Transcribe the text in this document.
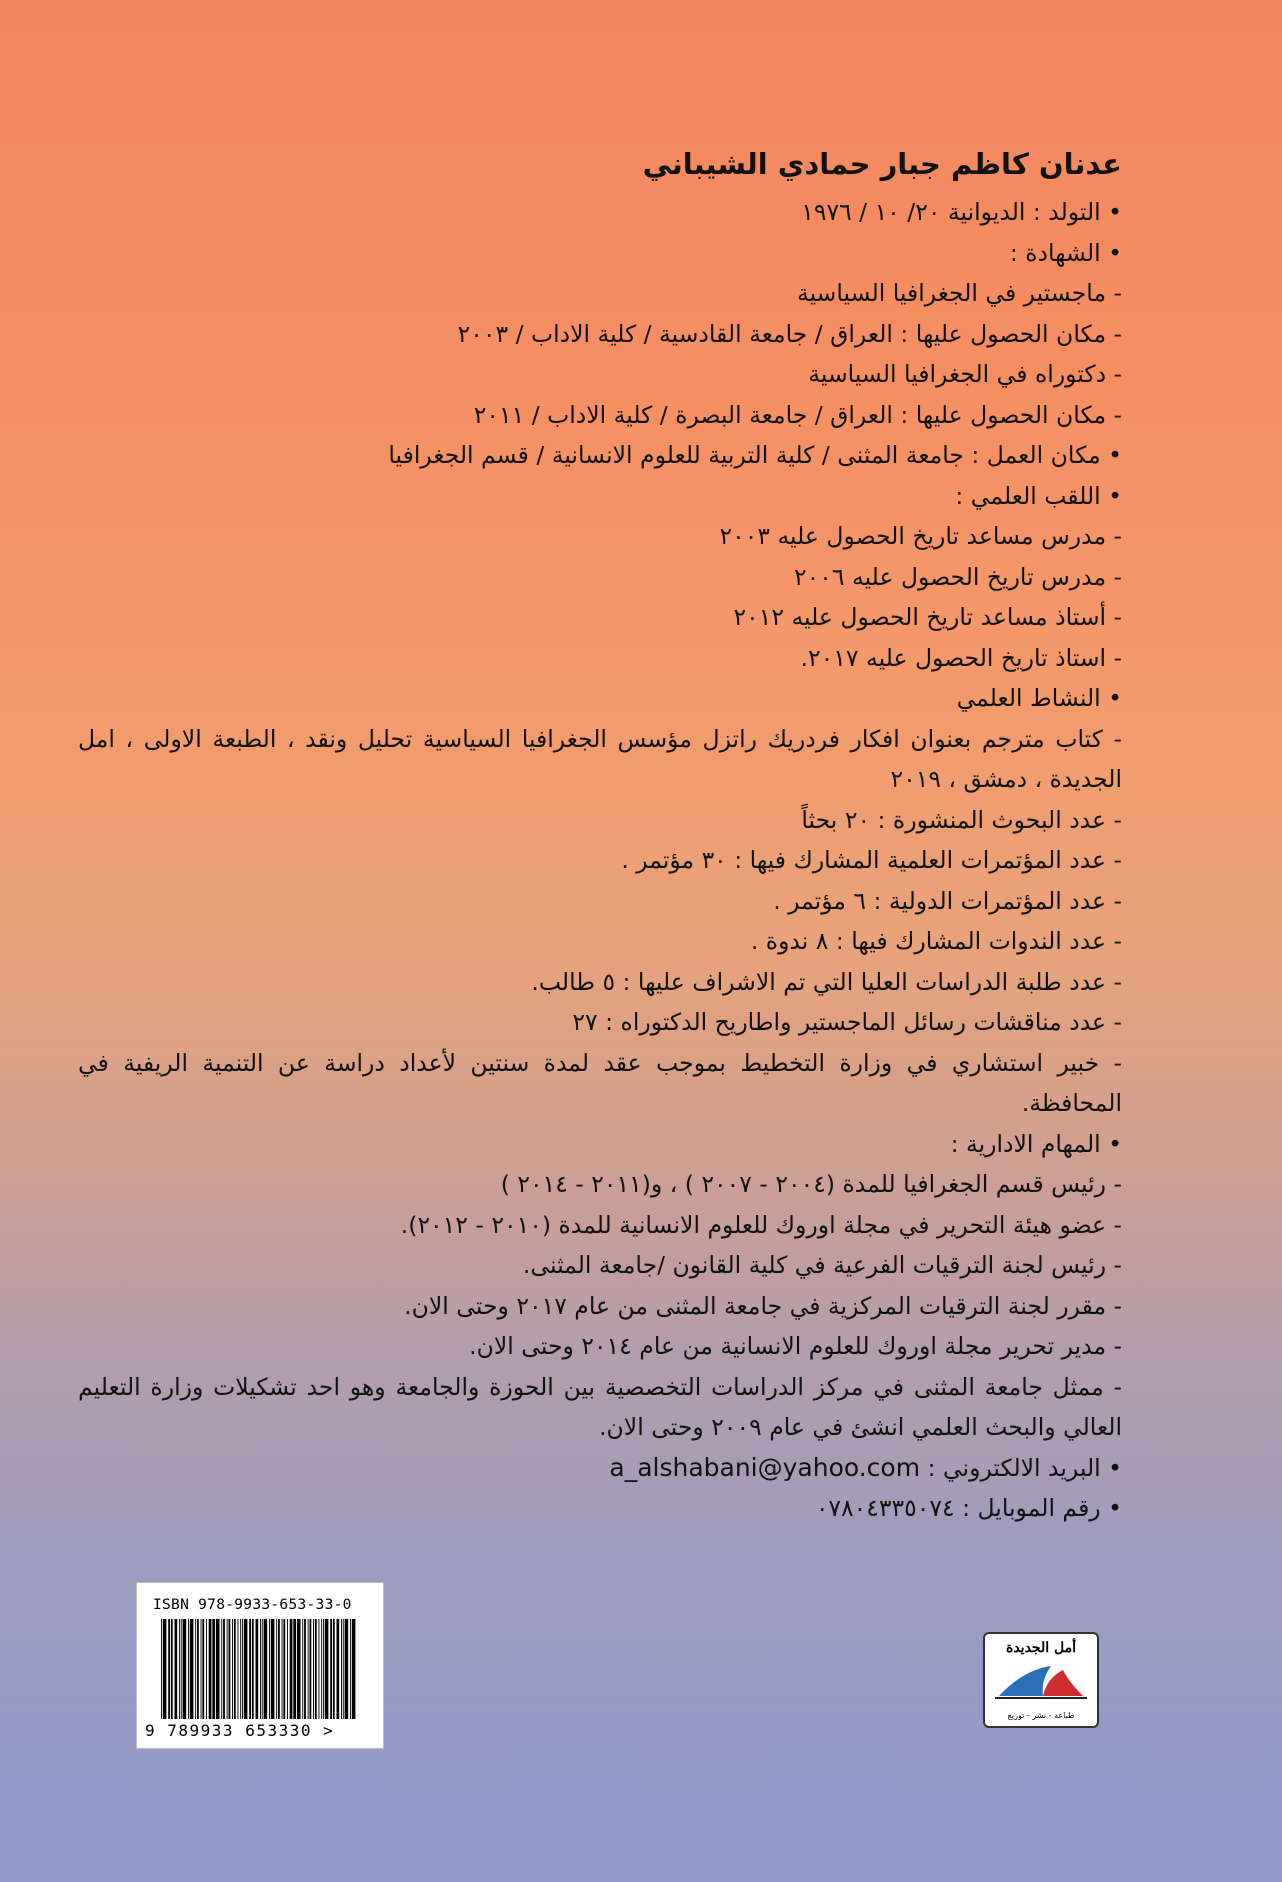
عدنان كاظم جبار حمادي الشيباني
• التولد : الديوانية ٢٠/ ١٠ / ١٩٧٦
• الشهادة :
- ماجستير في الجغرافيا السياسية
- مكان الحصول عليها : العراق / جامعة القادسية / كلية الاداب / ٢٠٠٣
- دكتوراه في الجغرافيا السياسية
- مكان الحصول عليها : العراق / جامعة البصرة / كلية الاداب / ٢٠١١
• مكان العمل : جامعة المثنى / كلية التربية للعلوم الانسانية / قسم الجغرافيا
• اللقب العلمي :
- مدرس مساعد تاريخ الحصول عليه ٢٠٠٣
- مدرس تاريخ الحصول عليه ٢٠٠٦
- أستاذ مساعد تاريخ الحصول عليه ٢٠١٢
- استاذ تاريخ الحصول عليه ٢٠١٧.
• النشاط العلمي
- كتاب مترجم بعنوان افكار فردريك راتزل مؤسس الجغرافيا السياسية تحليل ونقد ، الطبعة الاولى ، امل الجديدة ، دمشق ، ٢٠١٩
- عدد البحوث المنشورة : ٢٠ بحثاً
- عدد المؤتمرات العلمية المشارك فيها : ٣٠ مؤتمر .
- عدد المؤتمرات الدولية : ٦ مؤتمر .
- عدد الندوات المشارك فيها : ٨ ندوة .
- عدد طلبة الدراسات العليا التي تم الاشراف عليها : ٥ طالب.
- عدد مناقشات رسائل الماجستير واطاريح الدكتوراه : ٢٧
- خبير استشاري في وزارة التخطيط بموجب عقد لمدة سنتين لأعداد دراسة عن التنمية الريفية في المحافظة.
• المهام الادارية :
- رئيس قسم الجغرافيا للمدة (٢٠٠٤ - ٢٠٠٧ ) ، و(٢٠١١ - ٢٠١٤ )
- عضو هيئة التحرير في مجلة اوروك للعلوم الانسانية للمدة (٢٠١٠ - ٢٠١٢).
- رئيس لجنة الترقيات الفرعية في كلية القانون /جامعة المثنى.
- مقرر لجنة الترقيات المركزية في جامعة المثنى من عام ٢٠١٧ وحتى الان.
- مدير تحرير مجلة اوروك للعلوم الانسانية من عام ٢٠١٤ وحتى الان.
- ممثل جامعة المثنى في مركز الدراسات التخصصية بين الحوزة والجامعة وهو احد تشكيلات وزارة التعليم العالي والبحث العلمي انشئ في عام ٢٠٠٩ وحتى الان.
• البريد الالكتروني : a_alshabani@yahoo.com
• رقم الموبايل : ٠٧٨٠٤٣٣٥٠٧٤
ISBN 978-9933-653-33-0
9 789933 653330 >
أمل الجديدة
طباعة - نشر - توزيع
